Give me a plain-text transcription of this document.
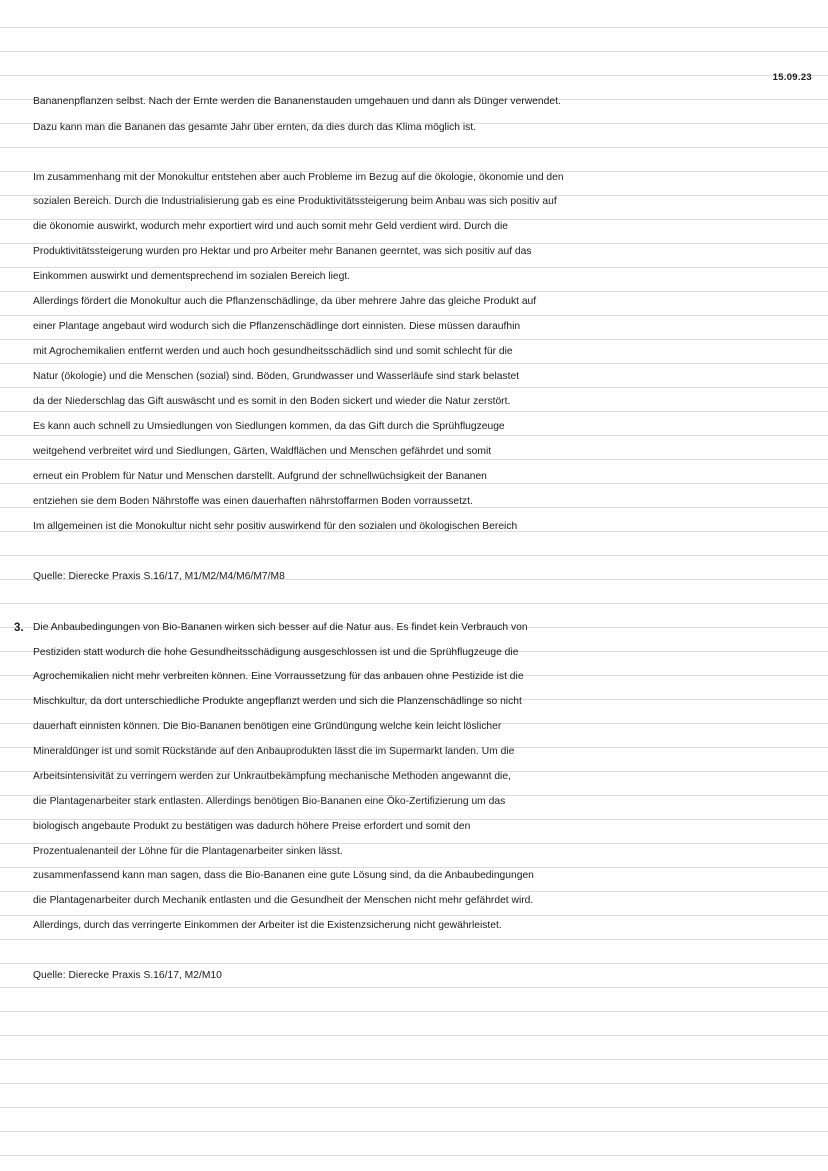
15.09.23
Bananenpflanzen selbst. Nach der Ernte werden die Bananenstauden umgehauen und dann als Dünger verwendet.
Dazu kann man die Bananen das gesamte Jahr über ernten, da dies durch das Klima möglich ist.
Im zusammenhang mit der Monokultur entstehen aber auch Probleme im Bezug auf die ökologie, ökonomie und den
sozialen Bereich. Durch die Industrialisierung gab es eine Produktivitätssteigerung beim Anbau was sich positiv auf
die ökonomie auswirkt, wodurch mehr exportiert wird und auch somit mehr Geld verdient wird. Durch die
Produktivitätssteigerung wurden pro Hektar und pro Arbeiter mehr Bananen geerntet, was sich positiv auf das
Einkommen auswirkt und dementsprechend im sozialen Bereich liegt.
Allerdings fördert die Monokultur auch die Pflanzenschädlinge, da über mehrere Jahre das gleiche Produkt auf
einer Plantage angebaut wird wodurch sich die Pflanzenschädlinge dort einnisten. Diese müssen daraufhin
mit Agrochemikalien entfernt werden und auch hoch gesundheitsschädlich sind und somit schlecht für die
Natur (ökologie) und die Menschen (sozial) sind. Böden, Grundwasser und Wasserläufe sind stark belastet
da der Niederschlag das Gift auswäscht und es somit in den Boden sickert und wieder die Natur zerstört.
Es kann auch schnell zu Umsiedlungen von Siedlungen kommen, da das Gift durch die Sprühflugzeuge
weitgehend verbreitet wird und Siedlungen, Gärten, Waldflächen und Menschen gefährdet und somit
erneut ein Problem für Natur und Menschen darstellt. Aufgrund der schnellwüchsigkeit der Bananen
entziehen sie dem Boden Nährstoffe was einen dauerhaften nährstoffarmen Boden vorraussetzt.
Im allgemeinen ist die Monokultur nicht sehr positiv auswirkend für den sozialen und ökologischen Bereich
Quelle: Dierecke Praxis S.16/17, M1/M2/M4/M6/M7/M8
3. Die Anbaubedingungen von Bio-Bananen wirken sich besser auf die Natur aus. Es findet kein Verbrauch von
Pestiziden statt wodurch die hohe Gesundheitsschädigung ausgeschlossen ist und die Sprühflugzeuge die
Agrochemikalien nicht mehr verbreiten können. Eine Vorraussetzung für das anbauen ohne Pestizide ist die
Mischkultur, da dort unterschiedliche Produkte angepflanzt werden und sich die Planzenschädlinge so nicht
dauerhaft einnisten können. Die Bio-Bananen benötigen eine Gründüngung welche kein leicht löslicher
Mineraldünger ist und somit Rückstände auf den Anbauprodukten lässt die im Supermarkt landen. Um die
Arbeitsintensivität zu verringern werden zur Unkrautbekämpfung mechanische Methoden angewannt die,
die Plantagenarbeiter stark entlasten. Allerdings benötigen Bio-Bananen eine Öko-Zertifizierung um das
biologisch angebaute Produkt zu bestätigen was dadurch höhere Preise erfordert und somit den
Prozentualenanteil der Löhne für die Plantagenarbeiter sinken lässt.
zusammenfassend kann man sagen, dass die Bio-Bananen eine gute Lösung sind, da die Anbaubedingungen
die Plantagenarbeiter durch Mechanik entlasten und die Gesundheit der Menschen nicht mehr gefährdet wird.
Allerdings, durch das verringerte Einkommen der Arbeiter ist die Existenzsicherung nicht gewährleistet.
Quelle: Dierecke Praxis S.16/17, M2/M10
